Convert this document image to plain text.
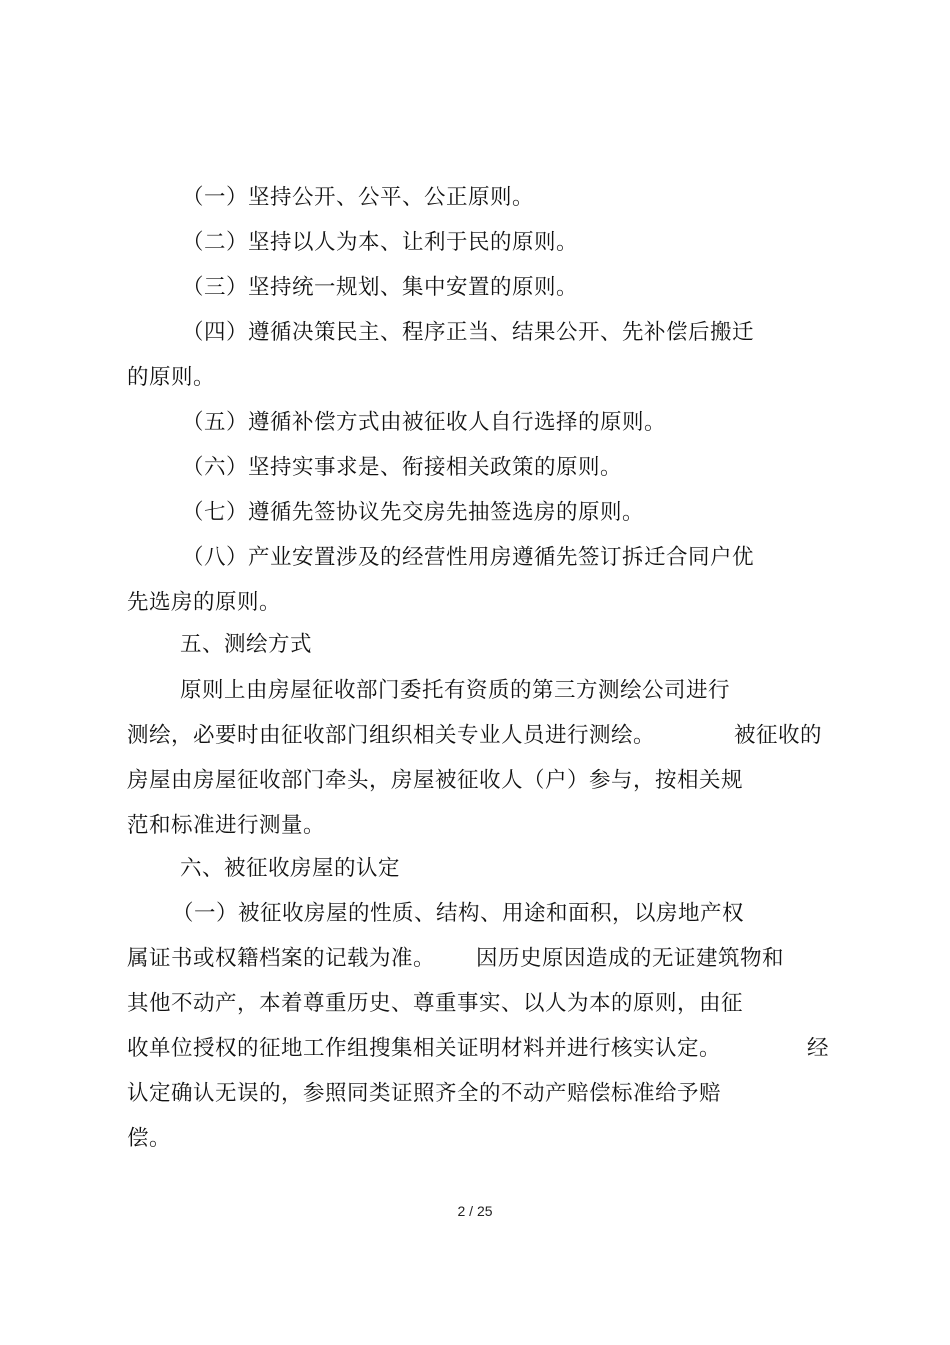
（一）坚持公开、公平、公正原则。
（二）坚持以人为本、让利于民的原则。
（三）坚持统一规划、集中安置的原则。
（四）遵循决策民主、程序正当、结果公开、先补偿后搬迁
的原则。
（五）遵循补偿方式由被征收人自行选择的原则。
（六）坚持实事求是、衔接相关政策的原则。
（七）遵循先签协议先交房先抽签选房的原则。
（八）产业安置涉及的经营性用房遵循先签订拆迁合同户优
先选房的原则。
五、测绘方式
原则上由房屋征收部门委托有资质的第三方测绘公司进行
测绘，必要时由征收部门组织相关专业人员进行测绘。	被征收的
房屋由房屋征收部门牵头，房屋被征收人（户）参与，按相关规
范和标准进行测量。
六、被征收房屋的认定
（一）被征收房屋的性质、结构、用途和面积，以房地产权
属证书或权籍档案的记载为准。 因历史原因造成的无证建筑物和
其他不动产，本着尊重历史、尊重事实、以人为本的原则，由征
收单位授权的征地工作组搜集相关证明材料并进行核实认定。	经
认定确认无误的，参照同类证照齐全的不动产赔偿标准给予赔
偿。
2 / 25
